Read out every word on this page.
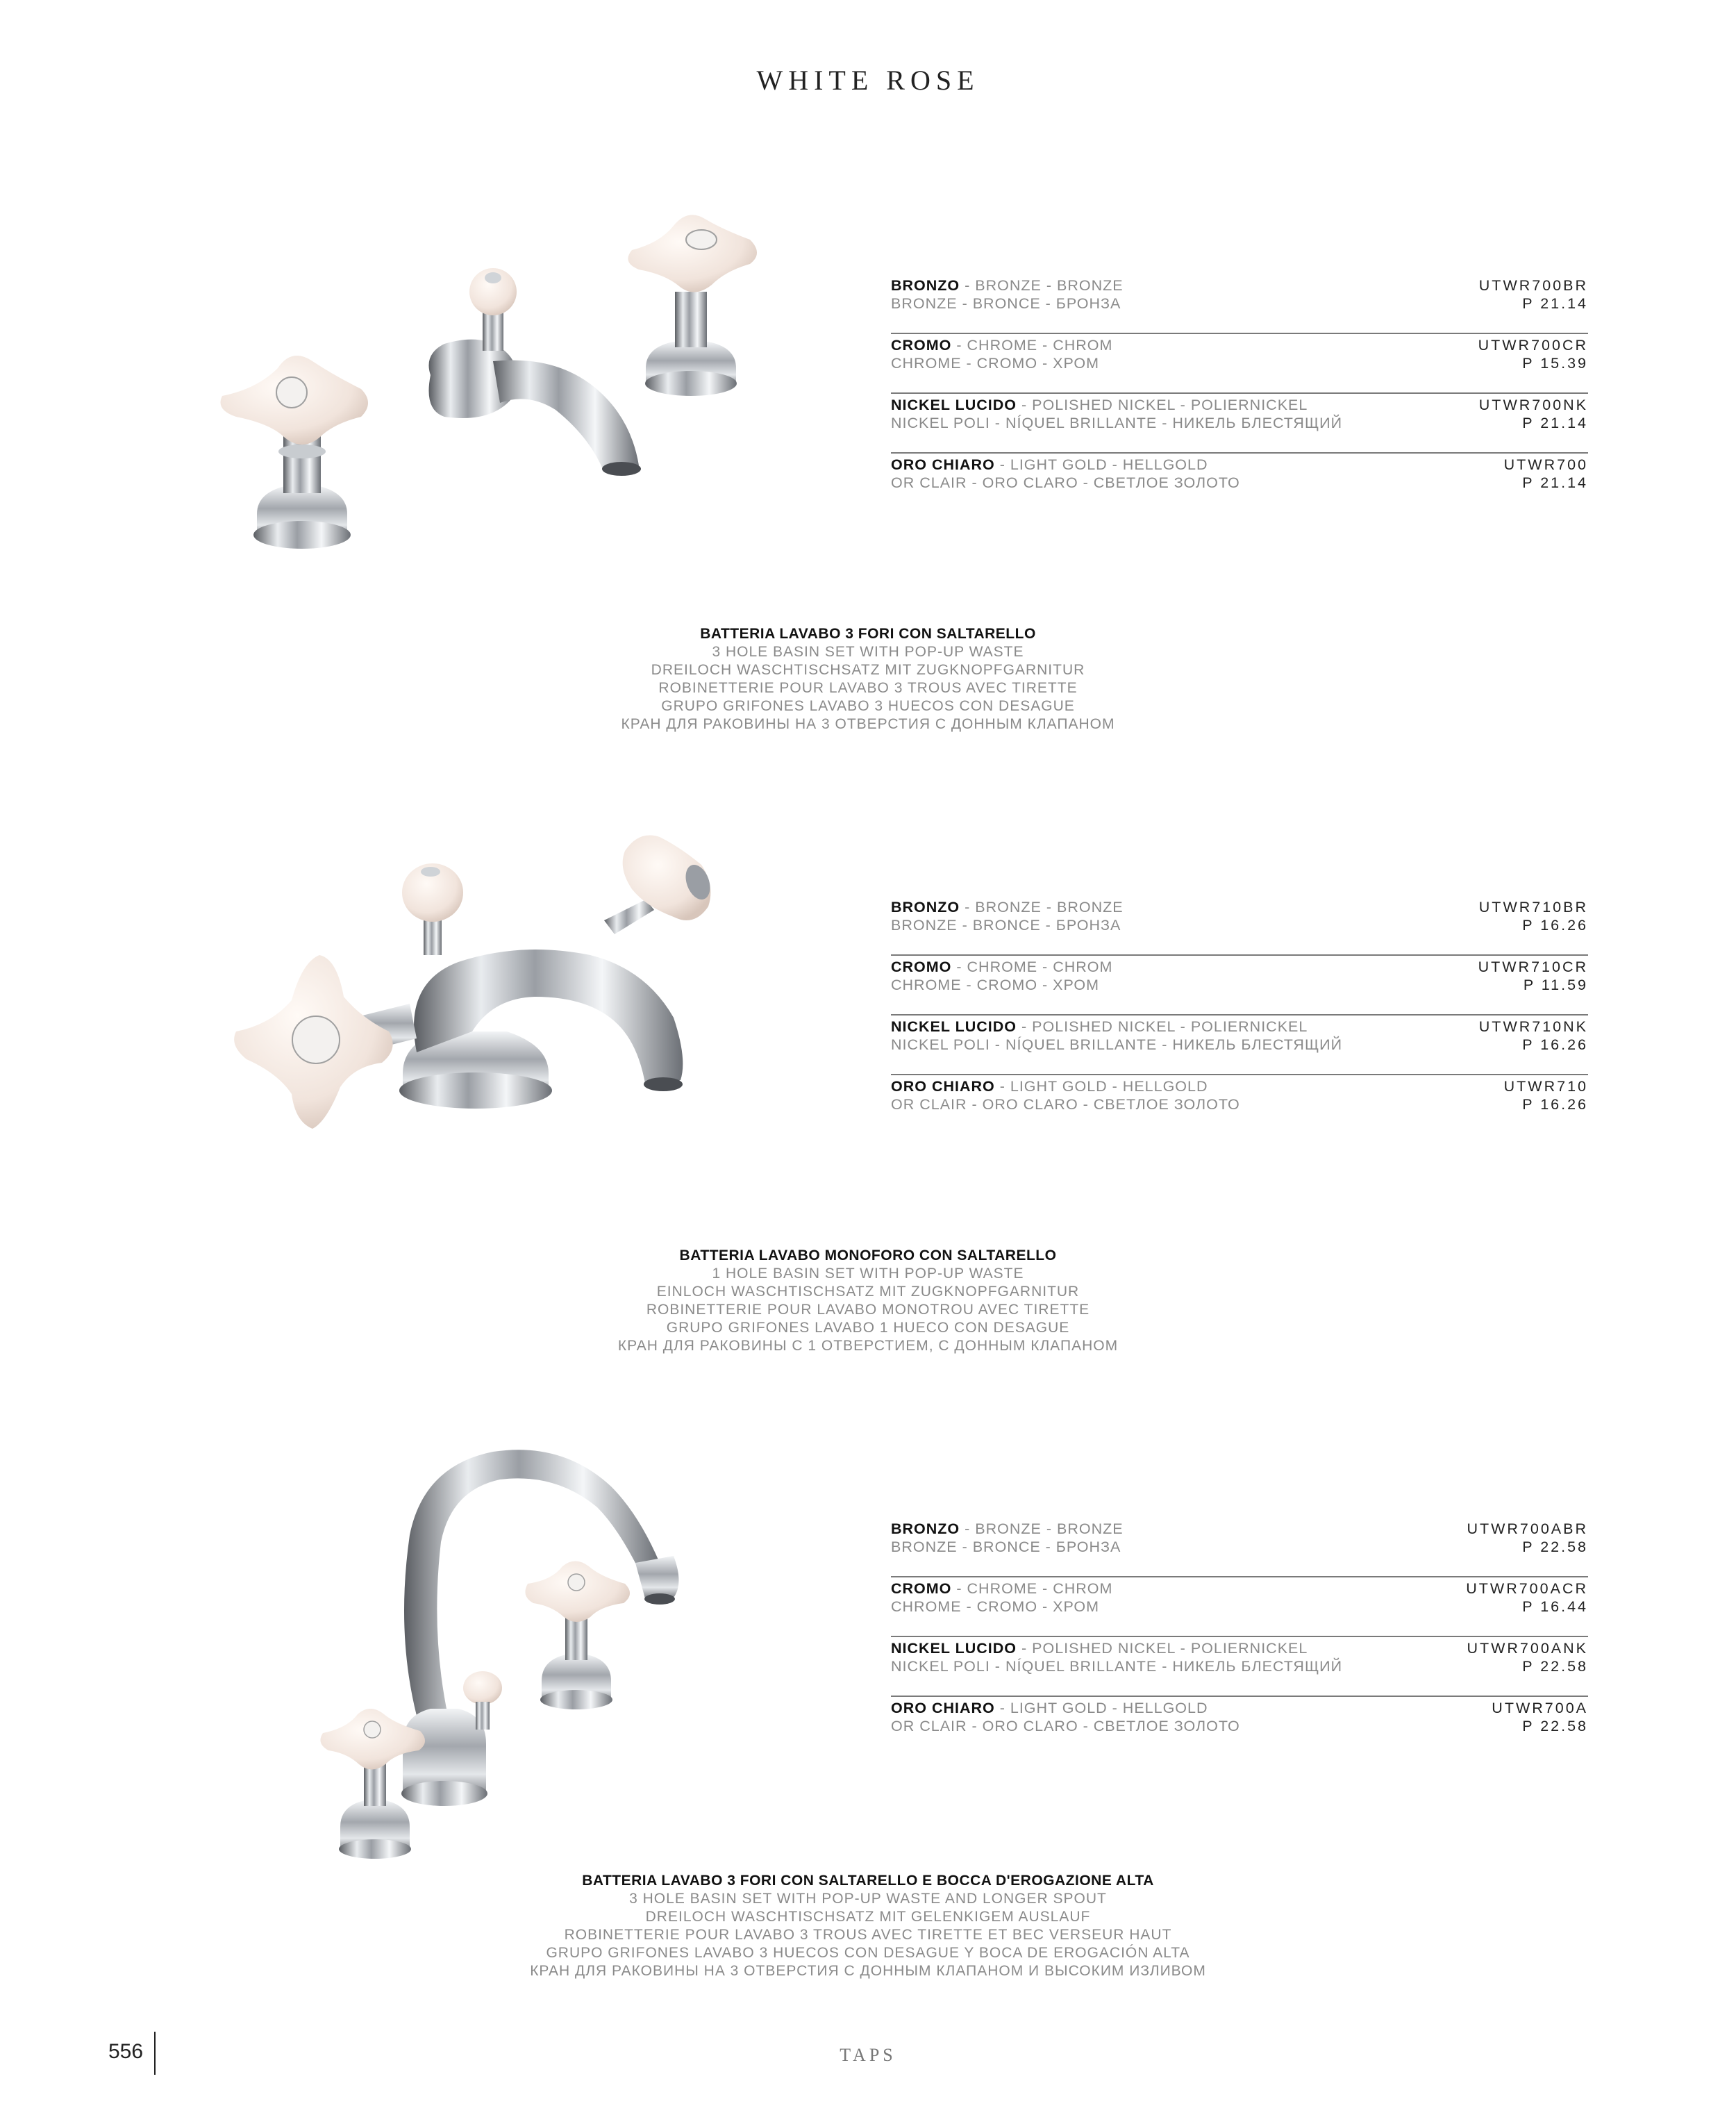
WHITE ROSE
BRONZO - BRONZE - BRONZE
BRONZE - BRONCE - БРОНЗА
UTWR700BR
P 21.14
CROMO - CHROME - CHROM
CHROME - CROMO - ХРОМ
UTWR700CR
P 15.39
NICKEL LUCIDO - POLISHED NICKEL - POLIERNICKEL
NICKEL POLI - NÍQUEL BRILLANTE - НИКЕЛЬ БЛЕСТЯЩИЙ
UTWR700NK
P 21.14
ORO CHIARO - LIGHT GOLD - HELLGOLD
OR CLAIR - ORO CLARO - СВЕТЛОЕ ЗОЛОТО
UTWR700
P 21.14
BATTERIA LAVABO 3 FORI CON SALTARELLO
3 HOLE BASIN SET WITH POP-UP WASTE
DREILOCH WASCHTISCHSATZ MIT ZUGKNOPFGARNITUR
ROBINETTERIE POUR LAVABO 3 TROUS AVEC TIRETTE
GRUPO GRIFONES LAVABO 3 HUECOS CON DESAGUE
КРАН ДЛЯ РАКОВИНЫ НА 3 ОТВЕРСТИЯ С ДОННЫМ КЛАПАНОМ
BRONZO - BRONZE - BRONZE
BRONZE - BRONCE - БРОНЗА
UTWR710BR
P 16.26
CROMO - CHROME - CHROM
CHROME - CROMO - ХРОМ
UTWR710CR
P 11.59
NICKEL LUCIDO - POLISHED NICKEL - POLIERNICKEL
NICKEL POLI - NÍQUEL BRILLANTE - НИКЕЛЬ БЛЕСТЯЩИЙ
UTWR710NK
P 16.26
ORO CHIARO - LIGHT GOLD - HELLGOLD
OR CLAIR - ORO CLARO - СВЕТЛОЕ ЗОЛОТО
UTWR710
P 16.26
BATTERIA LAVABO MONOFORO CON SALTARELLO
1 HOLE BASIN SET WITH POP-UP WASTE
EINLOCH WASCHTISCHSATZ MIT ZUGKNOPFGARNITUR
ROBINETTERIE POUR LAVABO MONOTROU AVEC TIRETTE
GRUPO GRIFONES LAVABO 1 HUECO CON DESAGUE
КРАН ДЛЯ РАКОВИНЫ С 1 ОТВЕРСТИЕМ, С ДОННЫМ КЛАПАНОМ
BRONZO - BRONZE - BRONZE
BRONZE - BRONCE - БРОНЗА
UTWR700ABR
P 22.58
CROMO - CHROME - CHROM
CHROME - CROMO - ХРОМ
UTWR700ACR
P 16.44
NICKEL LUCIDO - POLISHED NICKEL - POLIERNICKEL
NICKEL POLI - NÍQUEL BRILLANTE - НИКЕЛЬ БЛЕСТЯЩИЙ
UTWR700ANK
P 22.58
ORO CHIARO - LIGHT GOLD - HELLGOLD
OR CLAIR - ORO CLARO - СВЕТЛОЕ ЗОЛОТО
UTWR700A
P 22.58
BATTERIA LAVABO 3 FORI CON SALTARELLO E BOCCA D'EROGAZIONE ALTA
3 HOLE BASIN SET WITH POP-UP WASTE AND LONGER SPOUT
DREILOCH WASCHTISCHSATZ MIT GELENKIGEM AUSLAUF
ROBINETTERIE POUR LAVABO 3 TROUS AVEC TIRETTE ET BEC VERSEUR HAUT
GRUPO GRIFONES LAVABO 3 HUECOS CON DESAGUE Y BOCA DE EROGACIÓN ALTA
КРАН ДЛЯ РАКОВИНЫ НА 3 ОТВЕРСТИЯ С ДОННЫМ КЛАПАНОМ И ВЫСОКИМ ИЗЛИВОМ
556	TAPS
